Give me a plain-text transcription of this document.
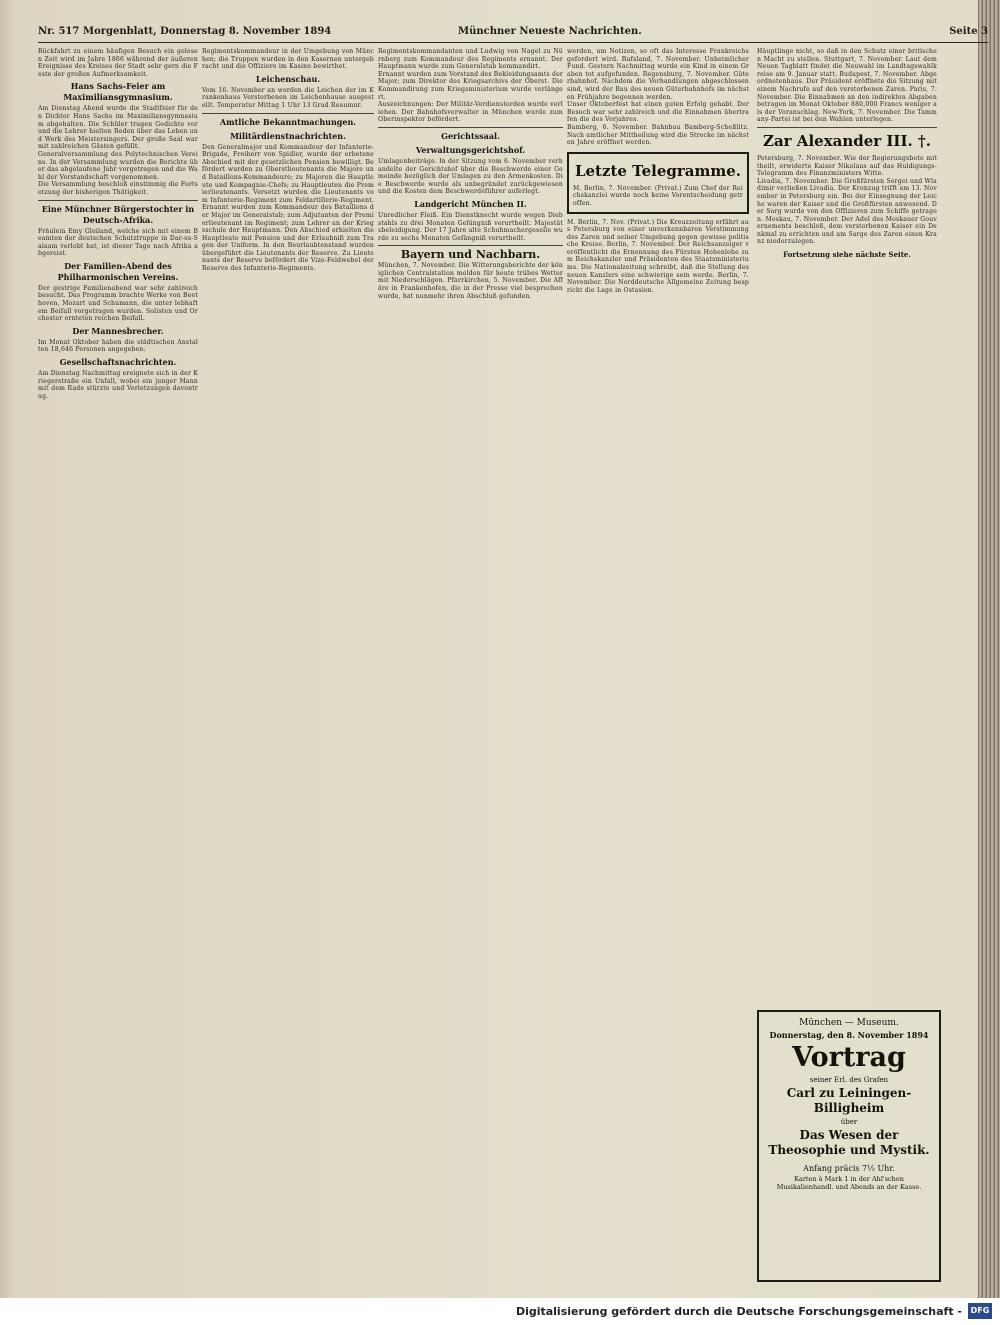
Nr. 517 Morgenblatt, Donnerstag 8. November 1894	Münchner Neueste Nachrichten.	Seite 3
Rückfahrt zu einem häufigen Besuch ein gelesen Zeit wird im Jahre 1866 während der äußeren Ereignisse des Kreises der Stadt sehr gern die Feste der großen Aufmerksamkeit.
Hans Sachs-Feier am Maximiliansgymnasium.
Am Dienstag Abend wurde die Stadtfeier für den Dichter Hans Sachs im Maximiliansgymnasium abgehalten. Die Schüler trugen Gedichte vor und die Lehrer hielten Reden über das Leben und Werk des Meistersingers. Der große Saal war mit zahlreichen Gästen gefüllt.
Generalversammlung des Polytechnischen Vereins. In der Versammlung wurden die Berichte über das abgelaufene Jahr vorgetragen und die Wahl der Vorstandschaft vorgenommen.
Die Versammlung beschloß einstimmig die Fortsetzung der bisherigen Thätigkeit.
Eine Münchner Bürgerstochter in Deutsch-Afrika.
Fräulein Emy Gleiland, welche sich mit einem Beamten der deutschen Schutztruppe in Dar-es-Salaam verlobt hat, ist dieser Tage nach Afrika abgereist.
Der Familien-Abend des Philharmonischen Vereins.
Der gestrige Familienabend war sehr zahlreich besucht. Das Programm brachte Werke von Beethoven, Mozart und Schumann, die unter lebhaftem Beifall vorgetragen wurden. Solisten und Orchester ernteten reichen Beifall.
Der Mannesbrecher.
Im Monat Oktober haben die städtischen Anstalten 18,646 Personen angegeben.
Gesellschaftsnachrichten.
Am Dienstag Nachmittag ereignete sich in der Kriegerstraße ein Unfall, wobei ein junger Mann mit dem Rade stürzte und Verletzungen davontrug.
Regimentskommandeur in der Umgebung von München; die Truppen wurden in den Kasernen untergebracht und die Offiziere im Kasino bewirthet.
Leichenschau.
Vom 16. November an werden die Leichen der im Krankenhaus Verstorbenen im Leichenhause ausgestellt. Temperatur Mittag 1 Uhr 13 Grad Reaumur.
Amtliche Bekanntmachungen.
Militärdienstnachrichten.
Den Generalmajor und Kommandeur der Infanterie-Brigade, Freiherr von Spidler, wurde der erbetene Abschied mit der gesetzlichen Pension bewilligt. Befördert wurden zu Oberstlieutenants die Majore und Bataillons-Kommandeure; zu Majoren die Hauptleute und Kompagnie-Chefs; zu Hauptleuten die Premierlieutenants. Versetzt wurden die Lieutenants vom Infanterie-Regiment zum Feldartillerie-Regiment. Ernannt wurden zum Kommandeur des Bataillons der Major im Generalstab; zum Adjutanten der Premierlieutenant im Regiment; zum Lehrer an der Kriegsschule der Hauptmann. Den Abschied erhielten die Hauptleute mit Pension und der Erlaubniß zum Tragen der Uniform. In den Beurlaubtenstand wurden übergeführt die Lieutenants der Reserve. Zu Lieutenants der Reserve befördert die Vize-Feldwebel der Reserve des Infanterie-Regiments.
Regimentskommandanten und Ludwig von Nagel zu Nürnberg zum Kommandeur des Regiments ernannt. Der Hauptmann wurde zum Generalstab kommandirt.
Ernannt wurden zum Vorstand des Bekleidungsamts der Major; zum Direktor des Kriegsarchivs der Oberst. Die Kommandirung zum Kriegsministerium wurde verlängert.
Auszeichnungen: Der Militär-Verdienstorden wurde verliehen. Der Bahnhofsverwalter in München wurde zum Oberinspektor befördert.
Gerichtssaal.
Verwaltungsgerichtshof.
Umlagenbeiträge. In der Sitzung vom 6. November verhandelte der Gerichtshof über die Beschwerde einer Gemeinde bezüglich der Umlagen zu den Armenkosten. Die Beschwerde wurde als unbegründet zurückgewiesen und die Kosten dem Beschwerdeführer auferlegt.
Landgericht München II.
Unredlicher Fleiß. Ein Dienstknecht wurde wegen Diebstahls zu drei Monaten Gefängniß verurtheilt. Majestätsbeleidigung. Der 17 Jahre alte Schuhmachergeselle wurde zu sechs Monaten Gefängniß verurtheilt.
Bayern und Nachbarn.
München, 7. November. Die Witterungsberichte der königlichen Centralstation melden für heute trübes Wetter mit Niederschlägen. Pfarrkirchen, 5. November. Die Affäre in Frankenhofen, die in der Presse viel besprochen wurde, hat nunmehr ihren Abschluß gefunden.
werden, um Notizen, so oft das Interesse Frankreichs gefordert wird. Rufsland, 7. November. Unheimlicher Fund. Gestern Nachmittag wurde ein Kind in einem Graben tot aufgefunden. Regensburg, 7. November. Güterbahnhof. Nachdem die Verhandlungen abgeschlossen sind, wird der Bau des neuen Güterbahnhofs im nächsten Frühjahre begonnen werden.
Unser Oktoberfest hat einen guten Erfolg gehabt. Der Besuch war sehr zahlreich und die Einnahmen übertrafen die des Vorjahres.
Bamberg, 6. November. Bahnbau Bamberg-Scheßlitz. Nach amtlicher Mittheilung wird die Strecke im nächsten Jahre eröffnet werden.
Letzte Telegramme.
M. Berlin, 7. November. (Privat.) Zum Chef der Reichskanzlei wurde noch keine Vorentscheidung getroffen.
M. Berlin, 7. Nov. (Privat.) Die Kreuzzeitung erfährt aus Petersburg von einer unverkennbaren Verstimmung des Zaren und seiner Umgebung gegen gewisse politische Kreise. Berlin, 7. November. Der Reichsanzeiger veröffentlicht die Ernennung des Fürsten Hohenlohe zum Reichskanzler und Präsidenten des Staatsministeriums. Die Nationalzeitung schreibt, daß die Stellung des neuen Kanzlers eine schwierige sein werde. Berlin, 7. November. Die Norddeutsche Allgemeine Zeitung bespricht die Lage in Ostasien.
Häuptlinge nicht, so daß in den Schutz einer britischen Macht zu stellen. Stuttgart, 7. November. Laut dem Neuen Tagblatt findet die Neuwahl im Landtagswahlkreise am 9. Januar statt. Budapest, 7. November. Abgeordnetenhaus. Der Präsident eröffnete die Sitzung mit einem Nachrufe auf den verstorbenen Zaren. Paris, 7. November. Die Einnahmen an den indirekten Abgaben betragen im Monat Oktober 880,000 Francs weniger als der Voranschlag. New-York, 7. November. Die Tammany-Partei ist bei den Wahlen unterlegen.
Zar Alexander III. †.
Petersburg, 7. November. Wie der Regierungsbote mittheilt, erwiderte Kaiser Nikolaus auf das Huldigungs-Telegramm des Finanzministers Witte.
Livadia, 7. November. Die Großfürsten Sergei und Wladimir verließen Livadia. Der Kronzug trifft am 13. November in Petersburg ein. Bei der Einsegnung der Leiche waren der Kaiser und die Großfürsten anwesend. Der Sarg wurde von den Offizieren zum Schiffe getragen. Moskau, 7. November. Der Adel des Moskauer Gouvernements beschloß, dem verstorbenen Kaiser ein Denkmal zu errichten und am Sarge des Zaren einen Kranz niederzulegen.
Fortsetzung siehe nächste Seite.
München — Museum.
Donnerstag, den 8. November 1894
Vortrag
seiner Erl. des Grafen
Carl zu Leiningen-Billigheim
über
Das Wesen der Theosophie und Mystik.
Anfang präcis 7½ Uhr.
Karten à Mark 1 in der Ahl'schen Musikalienhandl. und Abends an der Kasse.
Digitalisierung gefördert durch die Deutsche Forschungsgemeinschaft -	DFG
